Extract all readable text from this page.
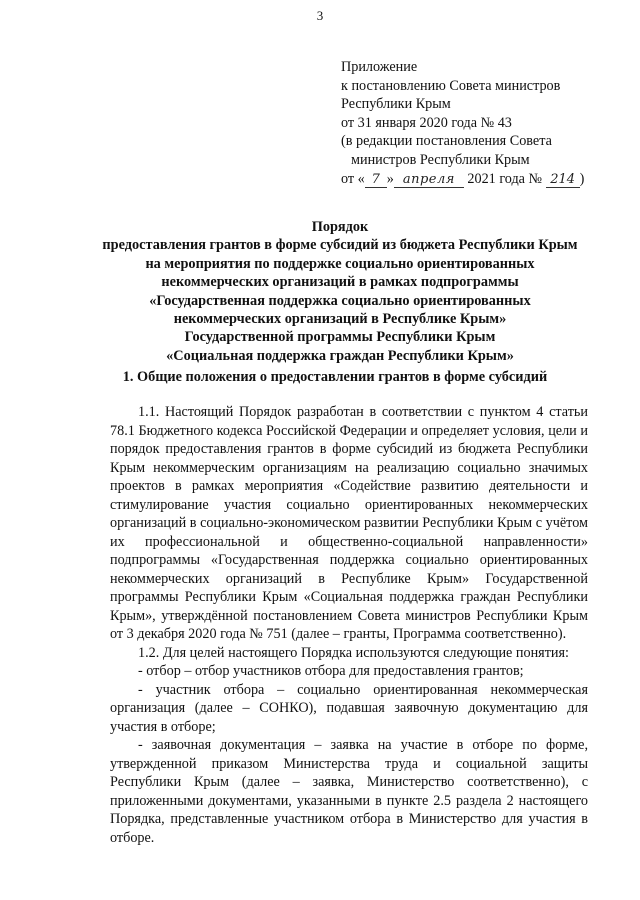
3
Приложение
к постановлению Совета министров
Республики Крым
от 31 января 2020 года № 43
(в редакции постановления Совета
министров Республики Крым
от « 7 » апреля 2021 года № 214 )
Порядок
предоставления грантов в форме субсидий из бюджета Республики Крым
на мероприятия по поддержке социально ориентированных
некоммерческих организаций в рамках подпрограммы
«Государственная поддержка социально ориентированных
некоммерческих организаций в Республике Крым»
Государственной программы Республики Крым
«Социальная поддержка граждан Республики Крым»
1. Общие положения о предоставлении грантов в форме субсидий

1.1. Настоящий Порядок разработан в соответствии с пунктом 4 статьи 78.1 Бюджетного кодекса Российской Федерации и определяет условия, цели и порядок предоставления грантов в форме субсидий из бюджета Республики Крым некоммерческим организациям на реализацию социально значимых проектов в рамках мероприятия «Содействие развитию деятельности и стимулирование участия социально ориентированных некоммерческих организаций в социально-экономическом развитии Республики Крым с учётом их профессиональной и общественно-социальной направленности» подпрограммы «Государственная поддержка социально ориентированных некоммерческих организаций в Республике Крым» Государственной программы Республики Крым «Социальная поддержка граждан Республики Крым», утверждённой постановлением Совета министров Республики Крым от 3 декабря 2020 года № 751 (далее – гранты, Программа соответственно).

1.2. Для целей настоящего Порядка используются следующие понятия:

- отбор – отбор участников отбора для предоставления грантов;

- участник отбора – социально ориентированная некоммерческая организация (далее – СОНКО), подавшая заявочную документацию для участия в отборе;

- заявочная документация – заявка на участие в отборе по форме, утвержденной приказом Министерства труда и социальной защиты Республики Крым (далее – заявка, Министерство соответственно), с приложенными документами, указанными в пункте 2.5 раздела 2 настоящего Порядка, представленные участником отбора в Министерство для участия в отборе.
